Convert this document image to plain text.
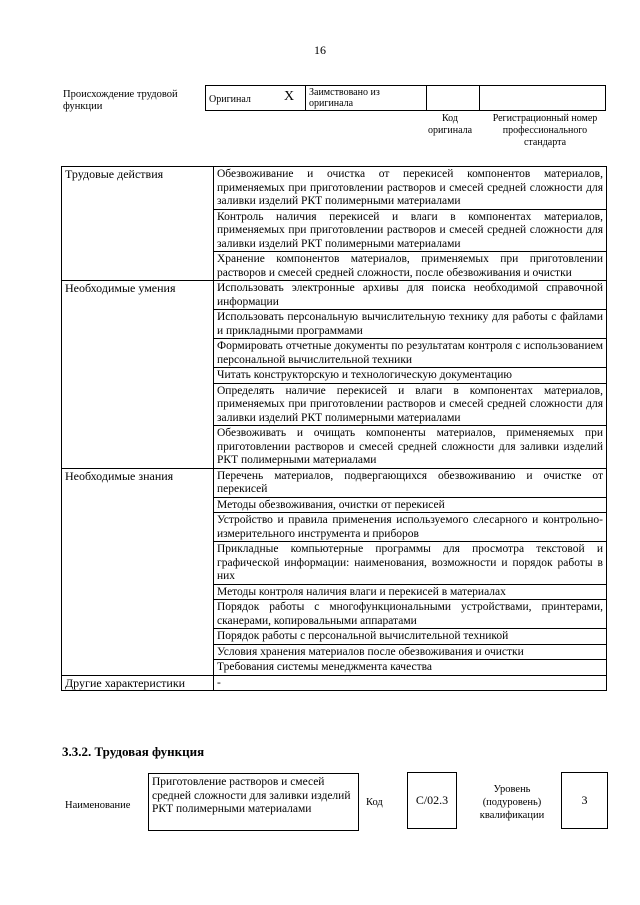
16
Происхождение трудовой функции
Оригинал X	Заимствовано из оригинала
Код оригинала
Регистрационный номер профессионального стандарта
Трудовые действия	Обезвоживание и очистка от перекисей компонентов материалов, применяемых при приготовлении растворов и смесей средней сложности для заливки изделий РКТ полимерными материалами
	Контроль наличия перекисей и влаги в компонентах материалов, применяемых при приготовлении растворов и смесей средней сложности для заливки изделий РКТ полимерными материалами
	Хранение компонентов материалов, применяемых при приготовлении растворов и смесей средней сложности, после обезвоживания и очистки
Необходимые умения	Использовать электронные архивы для поиска необходимой справочной информации
	Использовать персональную вычислительную технику для работы с файлами и прикладными программами
	Формировать отчетные документы по результатам контроля с использованием персональной вычислительной техники
	Читать конструкторскую и технологическую документацию
	Определять наличие перекисей и влаги в компонентах материалов, применяемых при приготовлении растворов и смесей средней сложности для заливки изделий РКТ полимерными материалами
	Обезвоживать и очищать компоненты материалов, применяемых при приготовлении растворов и смесей средней сложности для заливки изделий РКТ полимерными материалами
Необходимые знания	Перечень материалов, подвергающихся обезвоживанию и очистке от перекисей
	Методы обезвоживания, очистки от перекисей
	Устройство и правила применения используемого слесарного и контрольно-измерительного инструмента и приборов
	Прикладные компьютерные программы для просмотра текстовой и графической информации: наименования, возможности и порядок работы в них
	Методы контроля наличия влаги и перекисей в материалах
	Порядок работы с многофункциональными устройствами, принтерами, сканерами, копировальными аппаратами
	Порядок работы с персональной вычислительной техникой
	Условия хранения материалов после обезвоживания и очистки
	Требования системы менеджмента качества
Другие характеристики	-
3.3.2. Трудовая функция
Наименование
Приготовление растворов и смесей средней сложности для заливки изделий РКТ полимерными материалами
Код	C/02.3
Уровень (подуровень) квалификации
3
